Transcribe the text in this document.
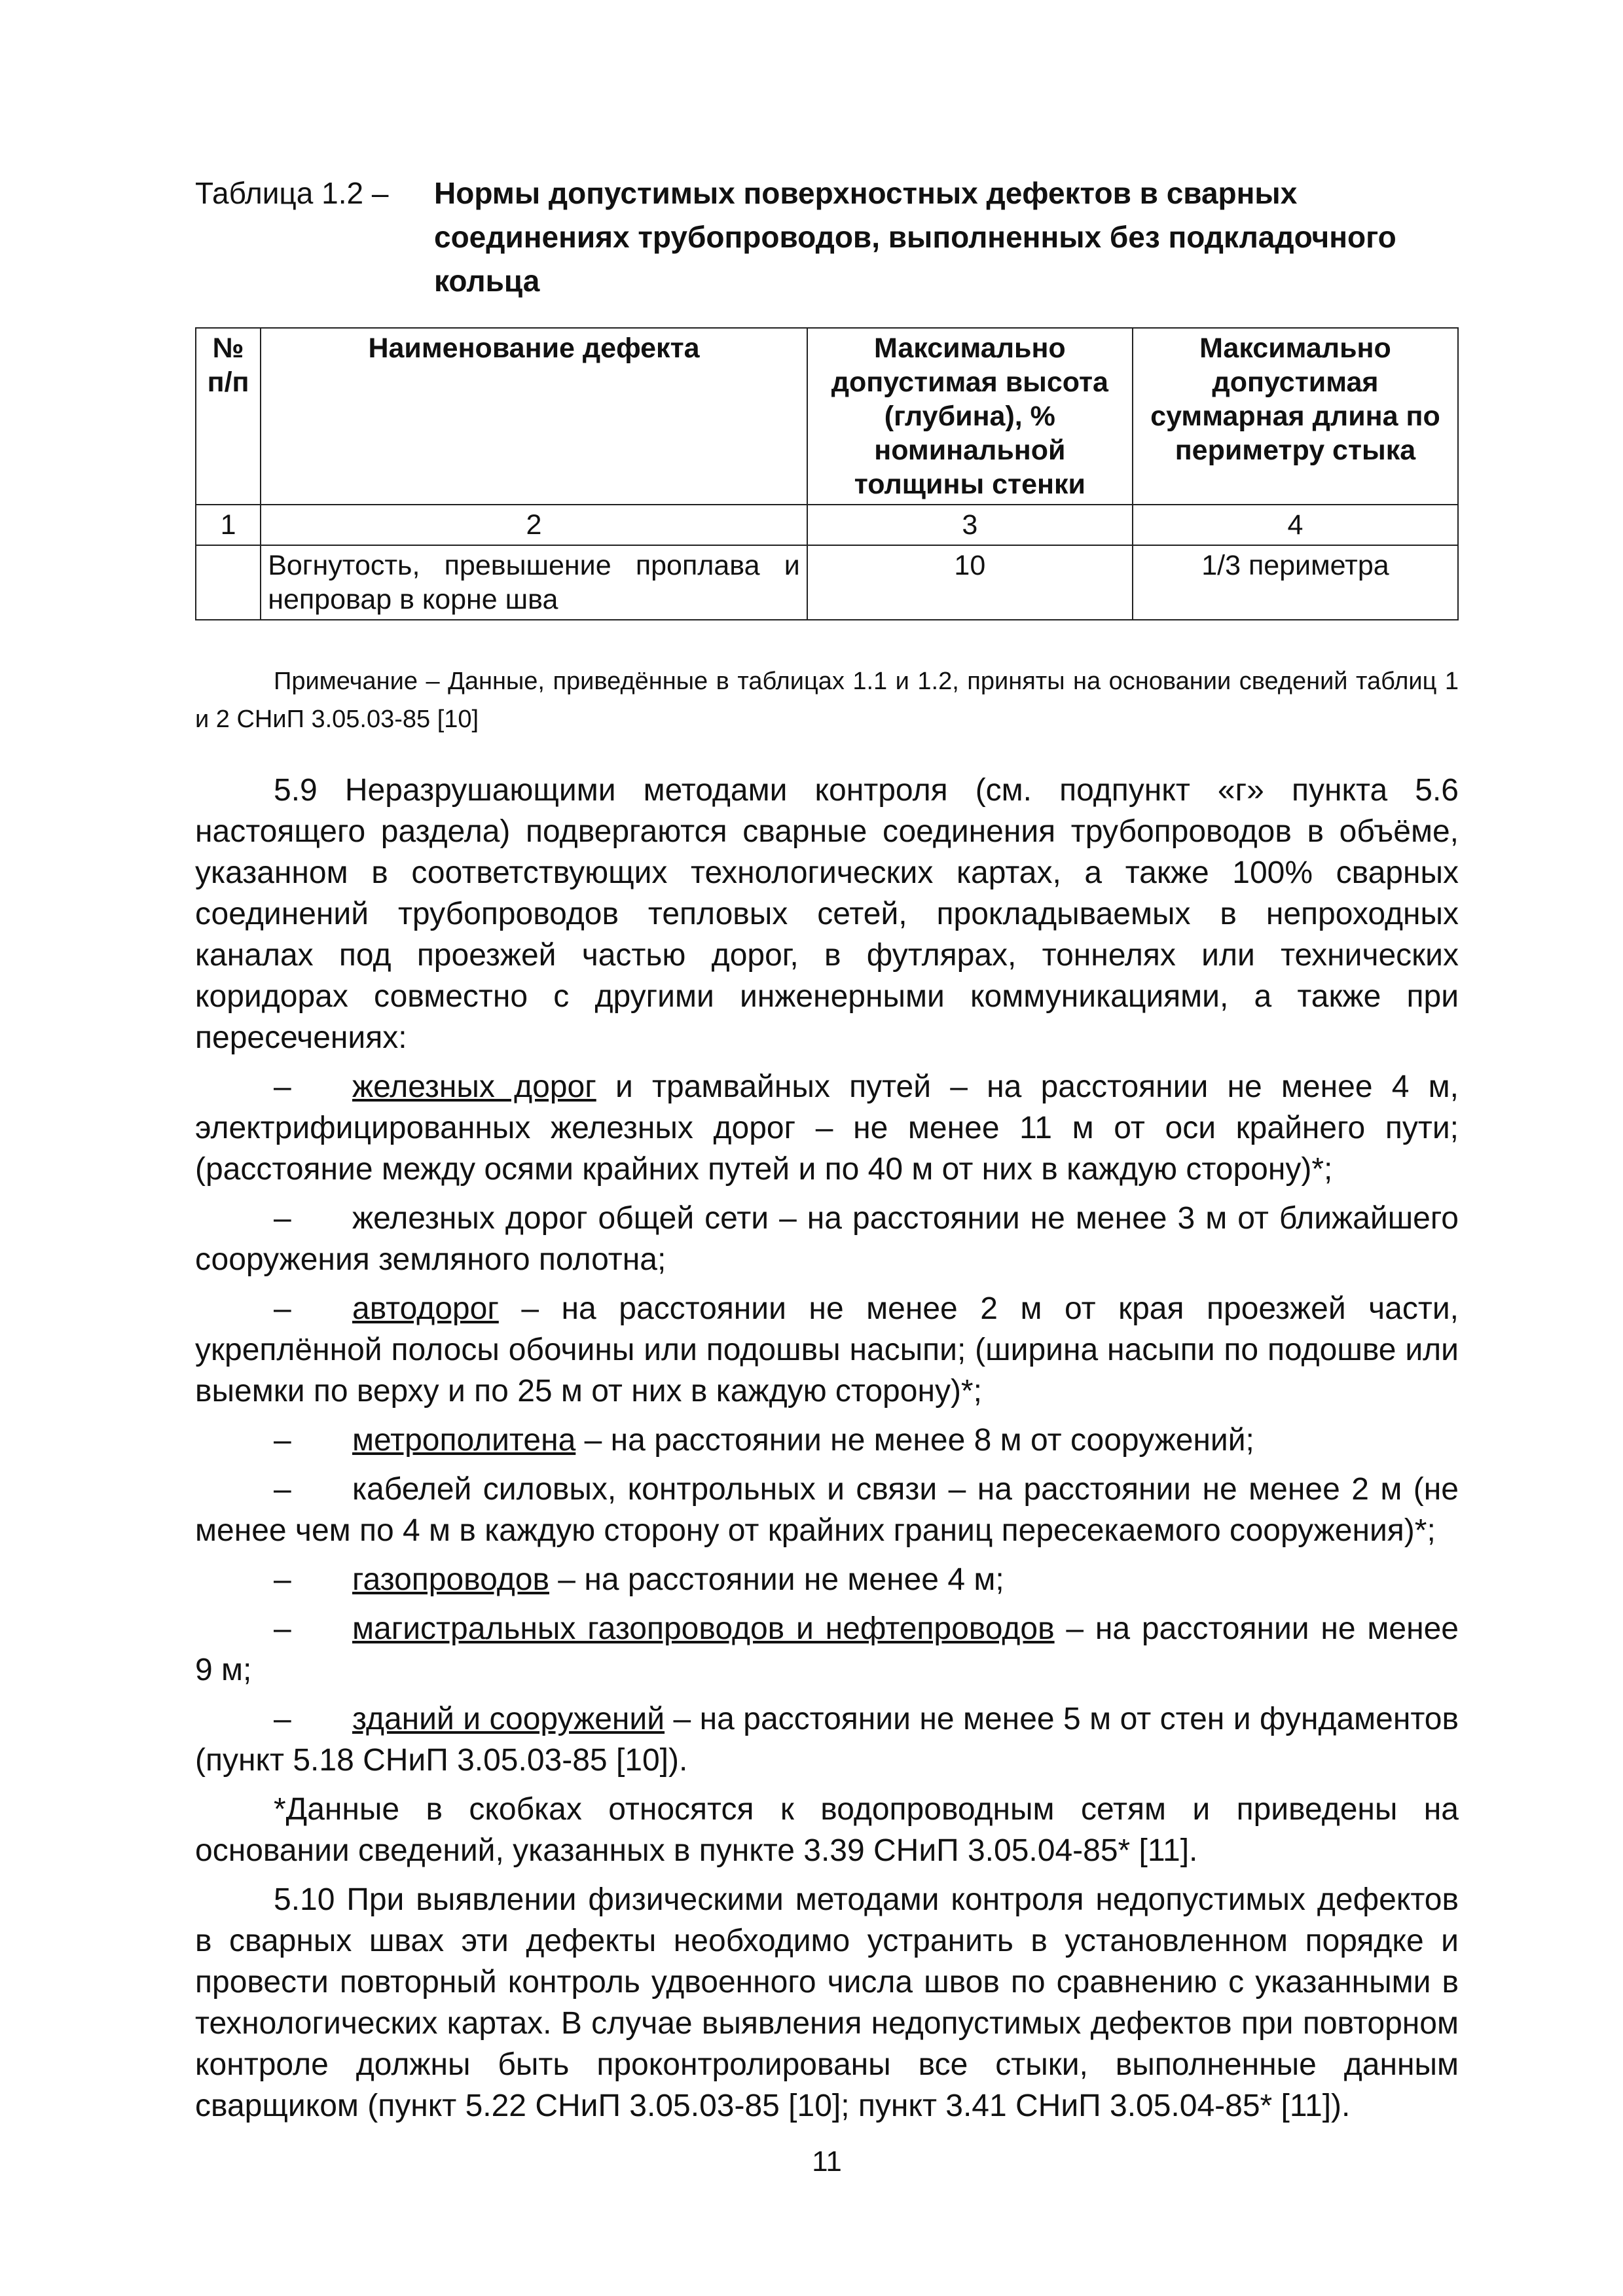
Таблица 1.2 – Нормы допустимых поверхностных дефектов в сварных соединениях трубопроводов, выполненных без подкладочного кольца
№ п/п	Наименование дефекта	Максимально допустимая высота (глубина), % номинальной толщины стенки	Максимально допустимая суммарная длина по периметру стыка
1	2	3	4
	Вогнутость, превышение проплава и непровар в корне шва	10	1/3 периметра
Примечание – Данные, приведённые в таблицах 1.1 и 1.2, приняты на основании сведений таблиц 1 и 2 СНиП 3.05.03-85 [10]

5.9 Неразрушающими методами контроля (см. подпункт «г» пункта 5.6 настоящего раздела) подвергаются сварные соединения трубопроводов в объёме, указанном в соответствующих технологических картах, а также 100% сварных соединений трубопроводов тепловых сетей, прокладываемых в непроходных каналах под проезжей частью дорог, в футлярах, тоннелях или технических коридорах совместно с другими инженерными коммуникациями, а также при пересечениях:

– железных дорог и трамвайных путей – на расстоянии не менее 4 м, электрифицированных железных дорог – не менее 11 м от оси крайнего пути; (расстояние между осями крайних путей и по 40 м от них в каждую сторону)*;

– железных дорог общей сети – на расстоянии не менее 3 м от ближайшего сооружения земляного полотна;

– автодорог – на расстоянии не менее 2 м от края проезжей части, укреплённой полосы обочины или подошвы насыпи; (ширина насыпи по подошве или выемки по верху и по 25 м от них в каждую сторону)*;

– метрополитена – на расстоянии не менее 8 м от сооружений;

– кабелей силовых, контрольных и связи – на расстоянии не менее 2 м (не менее чем по 4 м в каждую сторону от крайних границ пересекаемого сооружения)*;

– газопроводов – на расстоянии не менее 4 м;

– магистральных газопроводов и нефтепроводов – на расстоянии не менее 9 м;

– зданий и сооружений – на расстоянии не менее 5 м от стен и фундаментов (пункт 5.18 СНиП 3.05.03-85 [10]).

*Данные в скобках относятся к водопроводным сетям и приведены на основании сведений, указанных в пункте 3.39 СНиП 3.05.04-85* [11].

5.10 При выявлении физическими методами контроля недопустимых дефектов в сварных швах эти дефекты необходимо устранить в установленном порядке и провести повторный контроль удвоенного числа швов по сравнению с указанными в технологических картах. В случае выявления недопустимых дефектов при повторном контроле должны быть проконтролированы все стыки, выполненные данным сварщиком (пункт 5.22 СНиП 3.05.03-85 [10]; пункт 3.41 СНиП 3.05.04-85* [11]).

11
